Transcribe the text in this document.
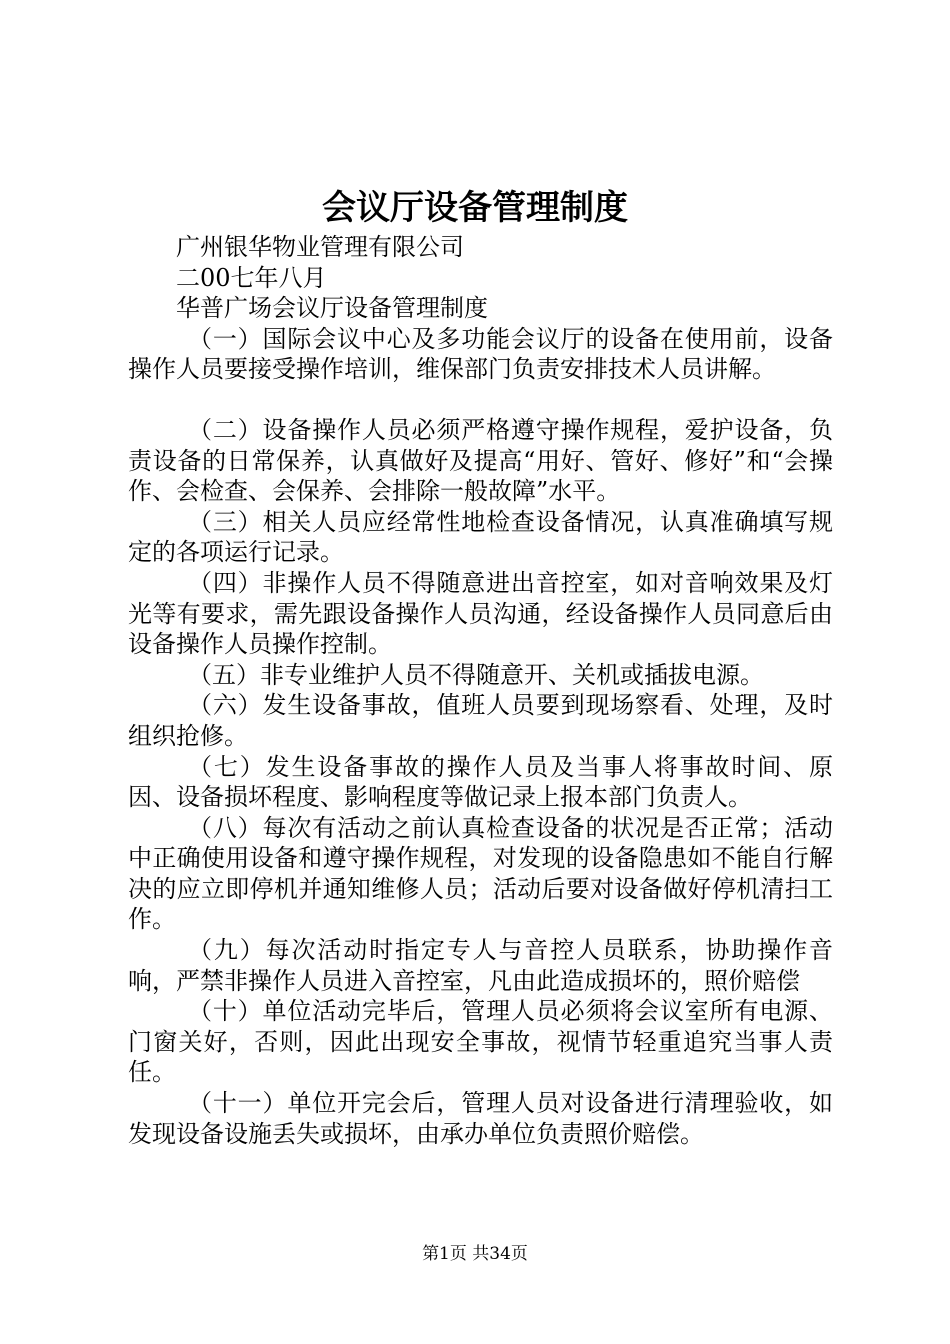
会议厅设备管理制度

广州银华物业管理有限公司

二00七年八月

华普广场会议厅设备管理制度

（一）国际会议中心及多功能会议厅的设备在使用前，设备操作人员要接受操作培训，维保部门负责安排技术人员讲解。

（二）设备操作人员必须严格遵守操作规程，爱护设备，负责设备的日常保养，认真做好及提高“用好、管好、修好”和“会操作、会检查、会保养、会排除一般故障”水平。

（三）相关人员应经常性地检查设备情况，认真准确填写规定的各项运行记录。

（四）非操作人员不得随意进出音控室，如对音响效果及灯光等有要求，需先跟设备操作人员沟通，经设备操作人员同意后由设备操作人员操作控制。

（五）非专业维护人员不得随意开、关机或插拔电源。

（六）发生设备事故，值班人员要到现场察看、处理，及时组织抢修。

（七）发生设备事故的操作人员及当事人将事故时间、原因、设备损坏程度、影响程度等做记录上报本部门负责人。

（八）每次有活动之前认真检查设备的状况是否正常；活动中正确使用设备和遵守操作规程，对发现的设备隐患如不能自行解决的应立即停机并通知维修人员；活动后要对设备做好停机清扫工作。

（九）每次活动时指定专人与音控人员联系，协助操作音响，严禁非操作人员进入音控室，凡由此造成损坏的，照价赔偿

（十）单位活动完毕后，管理人员必须将会议室所有电源、门窗关好，否则，因此出现安全事故，视情节轻重追究当事人责任。

（十一）单位开完会后，管理人员对设备进行清理验收，如发现设备设施丢失或损坏，由承办单位负责照价赔偿。

第1页 共34页
